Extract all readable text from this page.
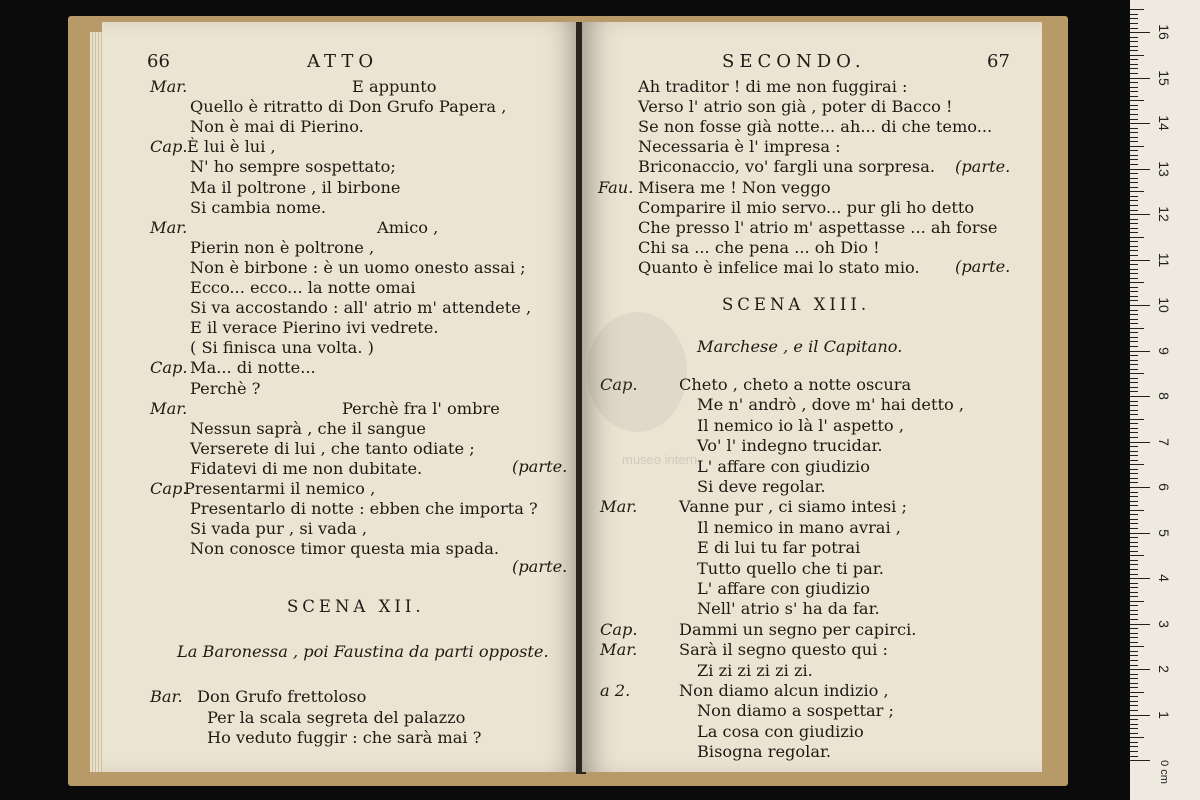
66	ATTO
Mar.	E appunto
Quello è ritratto di Don Grufo Papera ,
Non è mai di Pierino.
Cap. È lui è lui ,
N' ho sempre sospettato;
Ma il poltrone , il birbone
Si cambia nome.
Mar.	Amico ,
Pierin non è poltrone ,
Non è birbone : è un uomo onesto assai ;
Ecco... ecco... la notte omai
Si va accostando : all' atrio m' attendete ,
E il verace Pierino ivi vedrete.
( Si finisca una volta. )
Cap. Ma... di notte...
Perchè ?
Mar.	Perchè fra l' ombre
Nessun saprà , che il sangue
Verserete di lui , che tanto odiate ;
Fidatevi di me non dubitate.
Cap.
Presentarmi il nemico ,
Presentarlo di notte : ebben che importa ?
Si vada pur , si vada ,
Non conosce timor questa mia spada.
(parte.
(parte.
SCENA XII.
La Baronessa , poi Faustina da parti opposte.
Bar. Don Grufo frettoloso
Per la scala segreta del palazzo
Ho veduto fuggir : che sarà mai ?
SECONDO.	67
Ah traditor ! di me non fuggirai :
Verso l' atrio son già , poter di Bacco !
Se non fosse già notte... ah... di che temo...
Necessaria è l' impresa :
Briconaccio, vo' fargli una sorpresa.
Fau. Misera me ! Non veggo
Comparire il mio servo... pur gli ho detto
Che presso l' atrio m' aspettasse ... ah forse
Chi sa ... che pena ... oh Dio !
Quanto è infelice mai lo stato mio.
(parte.
(parte.
SCENA XIII.
Marchese , e il Capitano.
Cap.	Cheto , cheto a notte oscura
Me n' andrò , dove m' hai detto ,
Il nemico io là l' aspetto ,
Vo' l' indegno trucidar.
L' affare con giudizio
Si deve regolar.
Mar.	Vanne pur , ci siamo intesi ;
Il nemico in mano avrai ,
E di lui tu far potrai
Tutto quello che ti par.
L' affare con giudizio
Nell' atrio s' ha da far.
Cap.	Dammi un segno per capirci.
Mar.	Sarà il segno questo qui :
Zi zi zi zi zi zi.
a 2.	Non diamo alcun indizio ,
Non diamo a sospettar ;
La cosa con giudizio
Bisogna regolar.
museo intern
16
15
14
13
12
11
10
9
8
7
6
5
4
3
2
1
0 cm
